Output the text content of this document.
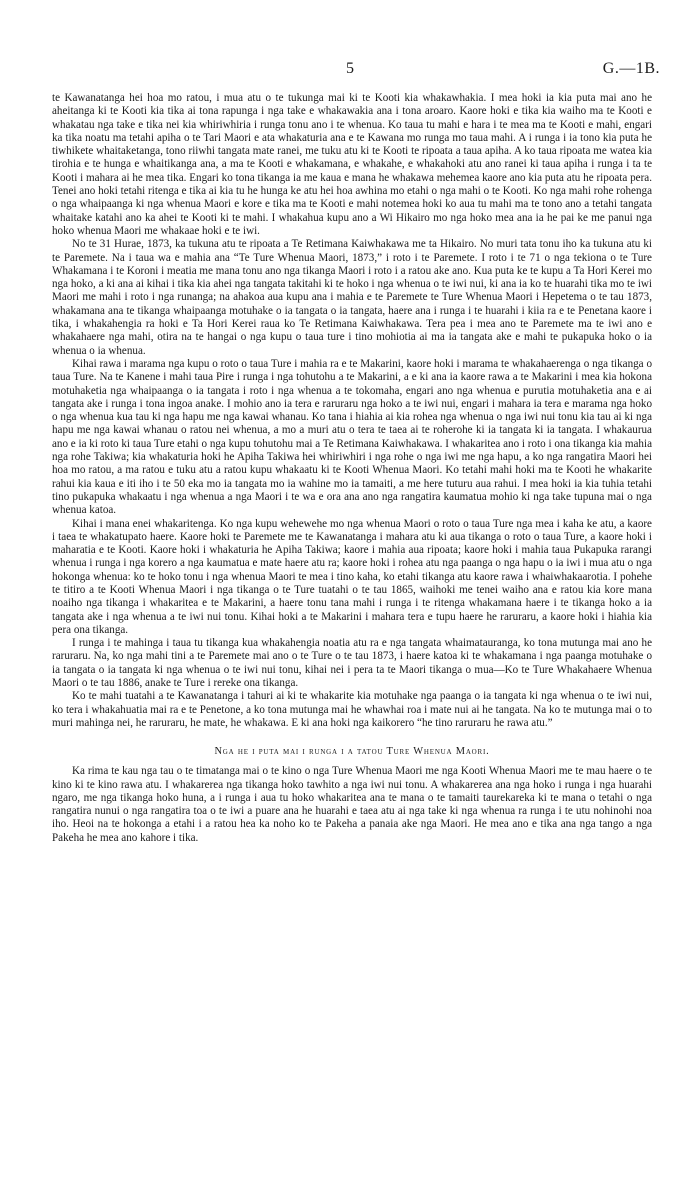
5	G.—1B.

te Kawanatanga hei hoa mo ratou, i mua atu o te tukunga mai ki te Kooti kia whakawhakia. I mea hoki ia kia puta mai ano he aheitanga ki te Kooti kia tika ai tona rapunga i nga take e whakawakia ana i tona aroaro. Kaore hoki e tika kia waiho ma te Kooti e whakatau nga take e tika nei kia whiriwhiria i runga tonu ano i te whenua. Ko taua tu mahi e hara i te mea ma te Kooti e mahi, engari ka tika noatu ma tetahi apiha o te Tari Maori e ata whakaturia ana e te Kawana mo runga mo taua mahi. A i runga i ia tono kia puta he tiwhikete whaitaketanga, tono riiwhi tangata mate ranei, me tuku atu ki te Kooti te ripoata a taua apiha. A ko taua ripoata me watea kia tirohia e te hunga e whaitikanga ana, a ma te Kooti e whakamana, e whakahe, e whakahoki atu ano ranei ki taua apiha i runga i ta te Kooti i mahara ai he mea tika. Engari ko tona tikanga ia me kaua e mana he whakawa mehemea kaore ano kia puta atu he ripoata pera. Tenei ano hoki tetahi ritenga e tika ai kia tu he hunga ke atu hei hoa awhina mo etahi o nga mahi o te Kooti. Ko nga mahi rohe rohenga o nga whaipaanga ki nga whenua Maori e kore e tika ma te Kooti e mahi notemea hoki ko aua tu mahi ma te tono ano a tetahi tangata whaitake katahi ano ka ahei te Kooti ki te mahi. I whakahua kupu ano a Wi Hikairo mo nga hoko mea ana ia he pai ke me panui nga hoko whenua Maori me whakaae hoki e te iwi.

No te 31 Hurae, 1873, ka tukuna atu te ripoata a Te Retimana Kaiwhakawa me ta Hikairo. No muri tata tonu iho ka tukuna atu ki te Paremete. Na i taua wa e mahia ana “Te Ture Whenua Maori, 1873,” i roto i te Paremete. I roto i te 71 o nga tekiona o te Ture Whakamana i te Koroni i meatia me mana tonu ano nga tikanga Maori i roto i a ratou ake ano. Kua puta ke te kupu a Ta Hori Kerei mo nga hoko, a ki ana ai kihai i tika kia ahei nga tangata takitahi ki te hoko i nga whenua o te iwi nui, ki ana ia ko te huarahi tika mo te iwi Maori me mahi i roto i nga runanga; na ahakoa aua kupu ana i mahia e te Paremete te Ture Whenua Maori i Hepetema o te tau 1873, whakamana ana te tikanga whaipaanga motuhake o ia tangata o ia tangata, haere ana i runga i te huarahi i kiia ra e te Penetana kaore i tika, i whakahengia ra hoki e Ta Hori Kerei raua ko Te Retimana Kaiwhakawa. Tera pea i mea ano te Paremete ma te iwi ano e whakahaere nga mahi, otira na te hangai o nga kupu o taua ture i tino mohiotia ai ma ia tangata ake e mahi te pukapuka hoko o ia whenua o ia whenua.

Kihai rawa i marama nga kupu o roto o taua Ture i mahia ra e te Makarini, kaore hoki i marama te whakahaerenga o nga tikanga o taua Ture. Na te Kanene i mahi taua Pire i runga i nga tohutohu a te Makarini, a e ki ana ia kaore rawa a te Makarini i mea kia hokona motuhaketia nga whaipaanga o ia tangata i roto i nga whenua a te tokomaha, engari ano nga whenua e purutia motuhaketia ana e ai tangata ake i runga i tona ingoa anake. I mohio ano ia tera e raruraru nga hoko a te iwi nui, engari i mahara ia tera e marama nga hoko o nga whenua kua tau ki nga hapu me nga kawai whanau. Ko tana i hiahia ai kia rohea nga whenua o nga iwi nui tonu kia tau ai ki nga hapu me nga kawai whanau o ratou nei whenua, a mo a muri atu o tera te taea ai te roherohe ki ia tangata ki ia tangata. I whakaurua ano e ia ki roto ki taua Ture etahi o nga kupu tohutohu mai a Te Retimana Kaiwhakawa. I whakaritea ano i roto i ona tikanga kia mahia nga rohe Takiwa; kia whakaturia hoki he Apiha Takiwa hei whiriwhiri i nga rohe o nga iwi me nga hapu, a ko nga rangatira Maori hei hoa mo ratou, a ma ratou e tuku atu a ratou kupu whakaatu ki te Kooti Whenua Maori. Ko tetahi mahi hoki ma te Kooti he whakarite rahui kia kaua e iti iho i te 50 eka mo ia tangata mo ia wahine mo ia tamaiti, a me here tuturu aua rahui. I mea hoki ia kia tuhia tetahi tino pukapuka whakaatu i nga whenua a nga Maori i te wa e ora ana ano nga rangatira kaumatua mohio ki nga take tupuna mai o nga whenua katoa.

Kihai i mana enei whakaritenga. Ko nga kupu wehewehe mo nga whenua Maori o roto o taua Ture nga mea i kaha ke atu, a kaore i taea te whakatupato haere. Kaore hoki te Paremete me te Kawanatanga i mahara atu ki aua tikanga o roto o taua Ture, a kaore hoki i maharatia e te Kooti. Kaore hoki i whakaturia he Apiha Takiwa; kaore i mahia aua ripoata; kaore hoki i mahia taua Pukapuka rarangi whenua i runga i nga korero a nga kaumatua e mate haere atu ra; kaore hoki i rohea atu nga paanga o nga hapu o ia iwi i mua atu o nga hokonga whenua: ko te hoko tonu i nga whenua Maori te mea i tino kaha, ko etahi tikanga atu kaore rawa i whaiwhakaarotia. I pohehe te titiro a te Kooti Whenua Maori i nga tikanga o te Ture tuatahi o te tau 1865, waihoki me tenei waiho ana e ratou kia kore mana noaiho nga tikanga i whakaritea e te Makarini, a haere tonu tana mahi i runga i te ritenga whakamana haere i te tikanga hoko a ia tangata ake i nga whenua a te iwi nui tonu. Kihai hoki a te Makarini i mahara tera e tupu haere he raruraru, a kaore hoki i hiahia kia pera ona tikanga.

I runga i te mahinga i taua tu tikanga kua whakahengia noatia atu ra e nga tangata whaimatauranga, ko tona mutunga mai ano he raruraru. Na, ko nga mahi tini a te Paremete mai ano o te Ture o te tau 1873, i haere katoa ki te whakamana i nga paanga motuhake o ia tangata o ia tangata ki nga whenua o te iwi nui tonu, kihai nei i pera ta te Maori tikanga o mua—Ko te Ture Whakahaere Whenua Maori o te tau 1886, anake te Ture i rereke ona tikanga.

Ko te mahi tuatahi a te Kawanatanga i tahuri ai ki te whakarite kia motuhake nga paanga o ia tangata ki nga whenua o te iwi nui, ko tera i whakahuatia mai ra e te Penetone, a ko tona mutunga mai he whawhai roa i mate nui ai he tangata. Na ko te mutunga mai o to muri mahinga nei, he raruraru, he mate, he whakawa. E ki ana hoki nga kaikorero “he tino raruraru he rawa atu.”

Nga he i puta mai i runga i a tatou Ture Whenua Maori.

Ka rima te kau nga tau o te timatanga mai o te kino o nga Ture Whenua Maori me nga Kooti Whenua Maori me te mau haere o te kino ki te kino rawa atu. I whakarerea nga tikanga hoko tawhito a nga iwi nui tonu. A whakarerea ana nga hoko i runga i nga huarahi ngaro, me nga tikanga hoko huna, a i runga i aua tu hoko whakaritea ana te mana o te tamaiti taurekareka ki te mana o tetahi o nga rangatira nunui o nga rangatira toa o te iwi a puare ana he huarahi e taea atu ai nga take ki nga whenua ra runga i te utu nohinohi noa iho. Heoi na te hokonga a etahi i a ratou hea ka noho ko te Pakeha a panaia ake nga Maori. He mea ano e tika ana nga tango a nga Pakeha he mea ano kahore i tika.
